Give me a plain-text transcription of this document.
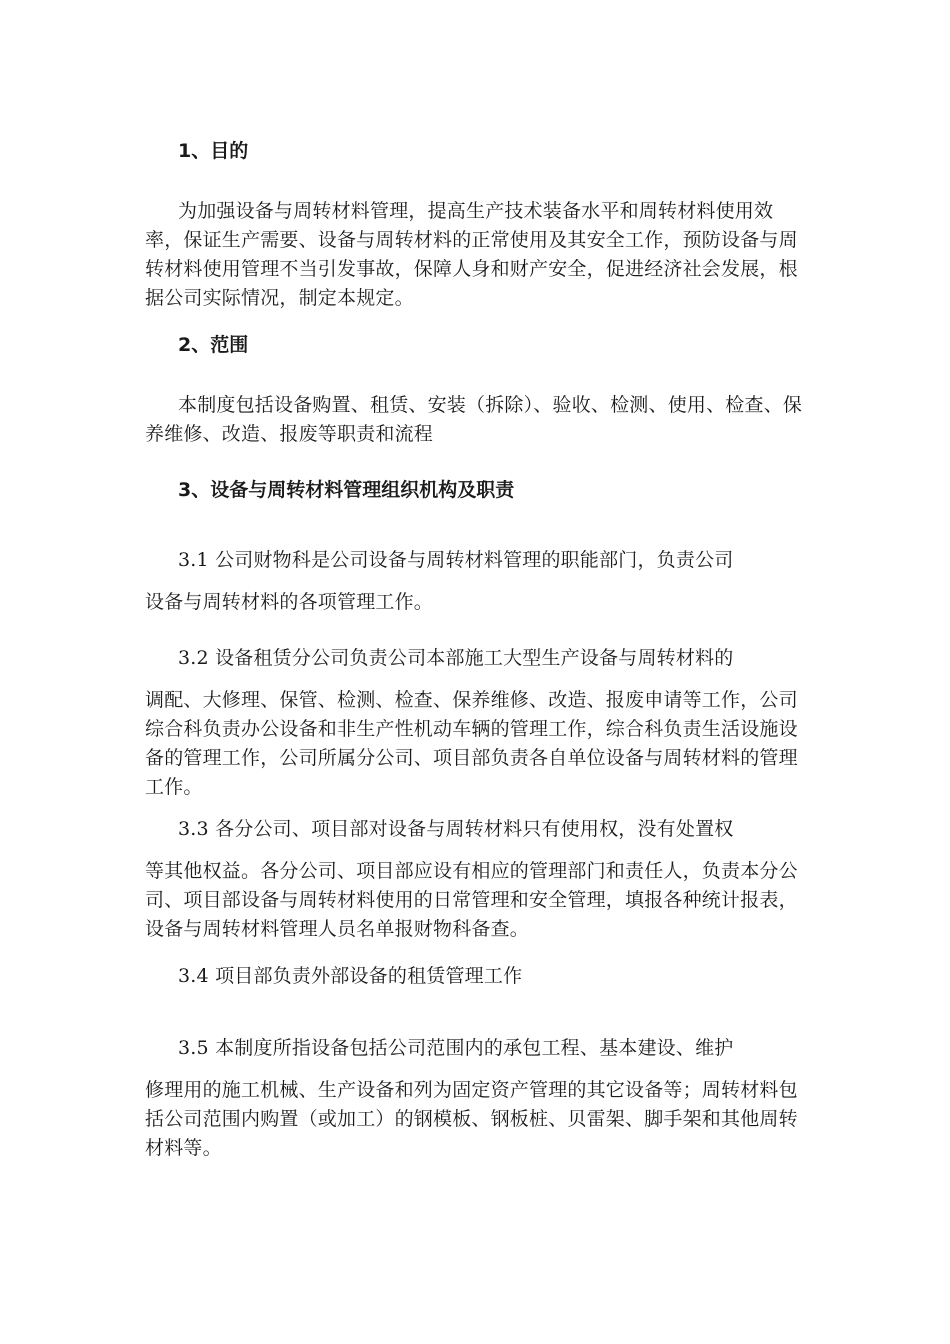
1、目的

为加强设备与周转材料管理，提高生产技术装备水平和周转材料使用效率，保证生产需要、设备与周转材料的正常使用及其安全工作，预防设备与周转材料使用管理不当引发事故，保障人身和财产安全，促进经济社会发展，根据公司实际情况，制定本规定。

2、范围

本制度包括设备购置、租赁、安装（拆除）、验收、检测、使用、检查、保养维修、改造、报废等职责和流程

3、设备与周转材料管理组织机构及职责
3.1 公司财物科是公司设备与周转材料管理的职能部门，负责公司
设备与周转材料的各项管理工作。
3.2 设备租赁分公司负责公司本部施工大型生产设备与周转材料的
调配、大修理、保管、检测、检查、保养维修、改造、报废申请等工作，公司综合科负责办公设备和非生产性机动车辆的管理工作，综合科负责生活设施设备的管理工作，公司所属分公司、项目部负责各自单位设备与周转材料的管理工作。
3.3 各分公司、项目部对设备与周转材料只有使用权，没有处置权
等其他权益。各分公司、项目部应设有相应的管理部门和责任人，负责本分公司、项目部设备与周转材料使用的日常管理和安全管理，填报各种统计报表，设备与周转材料管理人员名单报财物科备查。
3.4 项目部负责外部设备的租赁管理工作
3.5 本制度所指设备包括公司范围内的承包工程、基本建设、维护
修理用的施工机械、生产设备和列为固定资产管理的其它设备等；周转材料包括公司范围内购置（或加工）的钢模板、钢板桩、贝雷架、脚手架和其他周转材料等。
